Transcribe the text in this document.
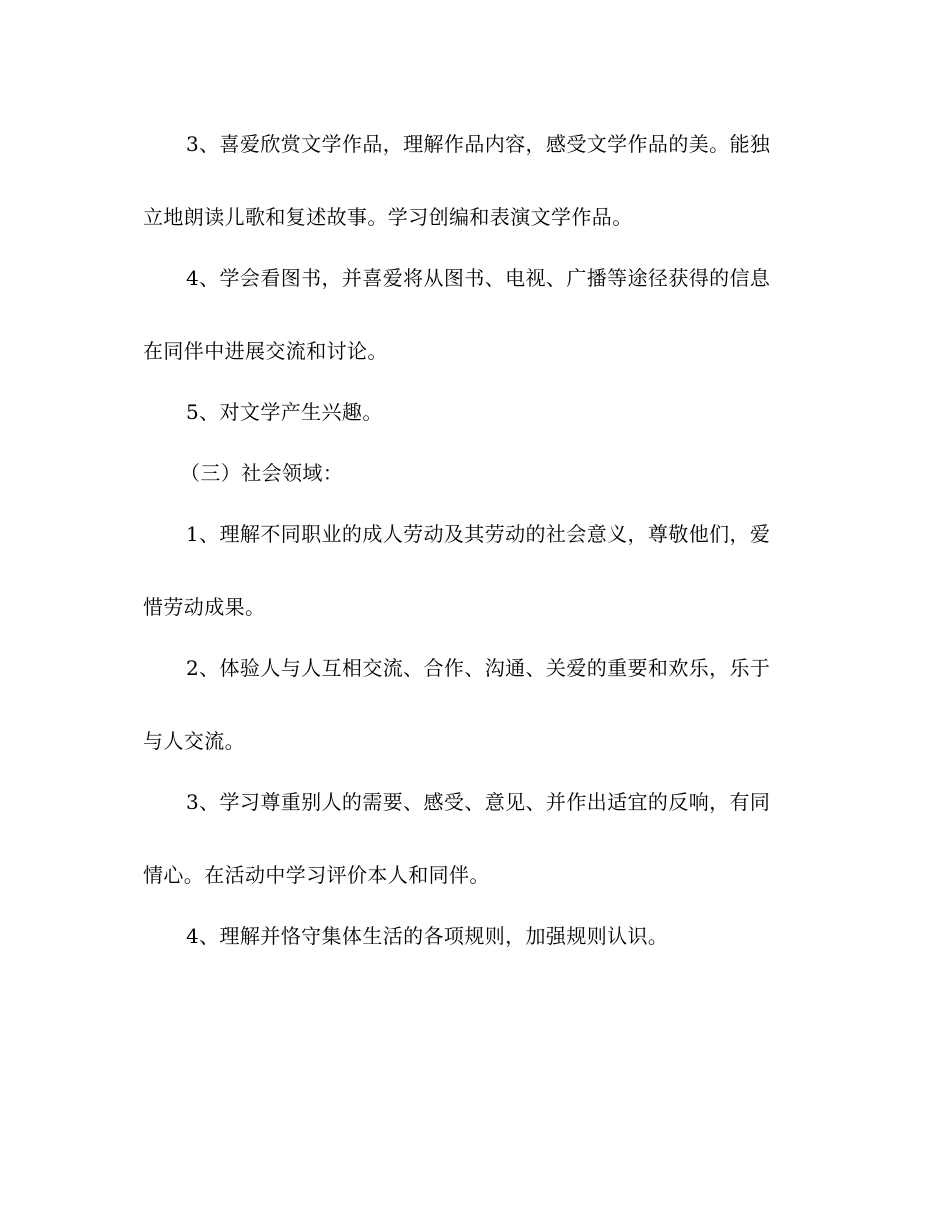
3、喜爱欣赏文学作品，理解作品内容，感受文学作品的美。能独
立地朗读儿歌和复述故事。学习创编和表演文学作品。
4、学会看图书，并喜爱将从图书、电视、广播等途径获得的信息
在同伴中进展交流和讨论。
5、对文学产生兴趣。
（三）社会领域：
1、理解不同职业的成人劳动及其劳动的社会意义，尊敬他们，爱
惜劳动成果。
2、体验人与人互相交流、合作、沟通、关爱的重要和欢乐，乐于
与人交流。
3、学习尊重别人的需要、感受、意见、并作出适宜的反响，有同
情心。在活动中学习评价本人和同伴。
4、理解并恪守集体生活的各项规则，加强规则认识。
